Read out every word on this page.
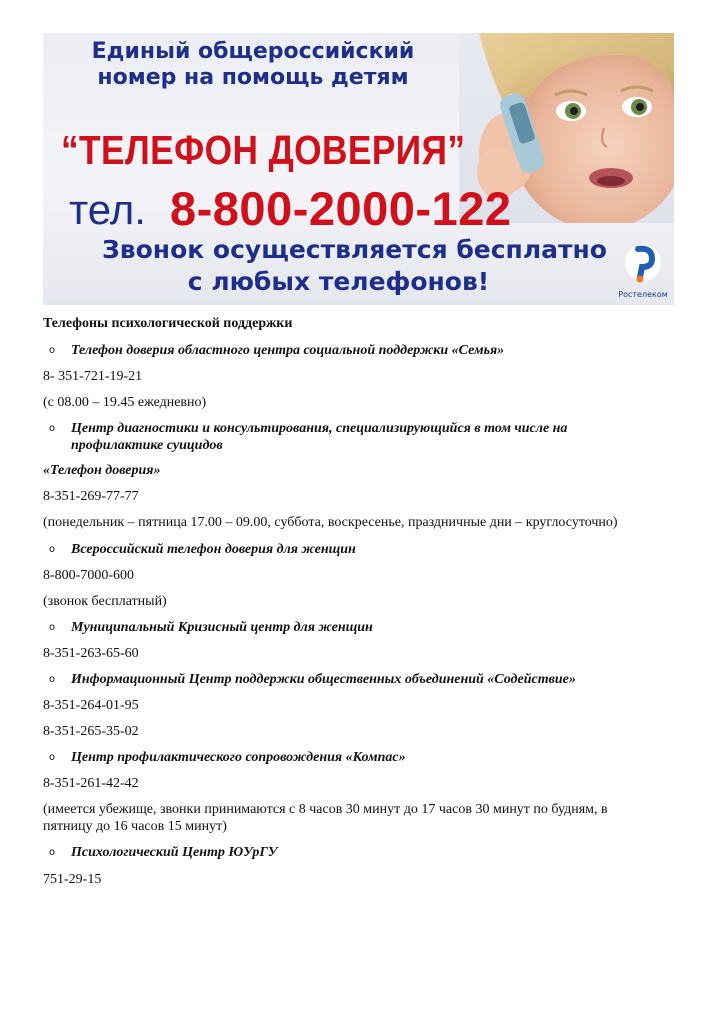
Единый общероссийский
номер на помощь детям
“ТЕЛЕФОН ДОВЕРИЯ”
тел. 8-800-2000-122
Звонок осуществляется бесплатно
с любых телефонов!	Ростелеком
Телефоны психологической поддержки
o Телефон доверия областного центра социальной поддержки «Семья»
8- 351-721-19-21
(с 08.00 – 19.45 ежедневно)
o Центр диагностики и консультирования, специализирующийся в том числе на профилактике суицидов
«Телефон доверия»
8-351-269-77-77
(понедельник – пятница 17.00 – 09.00, суббота, воскресенье, праздничные дни – круглосуточно)
o Всероссийский телефон доверия для женщин
8-800-7000-600
(звонок бесплатный)
o Муниципальный Кризисный центр для женщин
8-351-263-65-60
o Информационный Центр поддержки общественных объединений «Содействие»
8-351-264-01-95
8-351-265-35-02
o Центр профилактического сопровождения «Компас»
8-351-261-42-42
(имеется убежище, звонки принимаются с 8 часов 30 минут до 17 часов 30 минут по будням, в пятницу до 16 часов 15 минут)
o Психологический Центр ЮУрГУ
751-29-15
